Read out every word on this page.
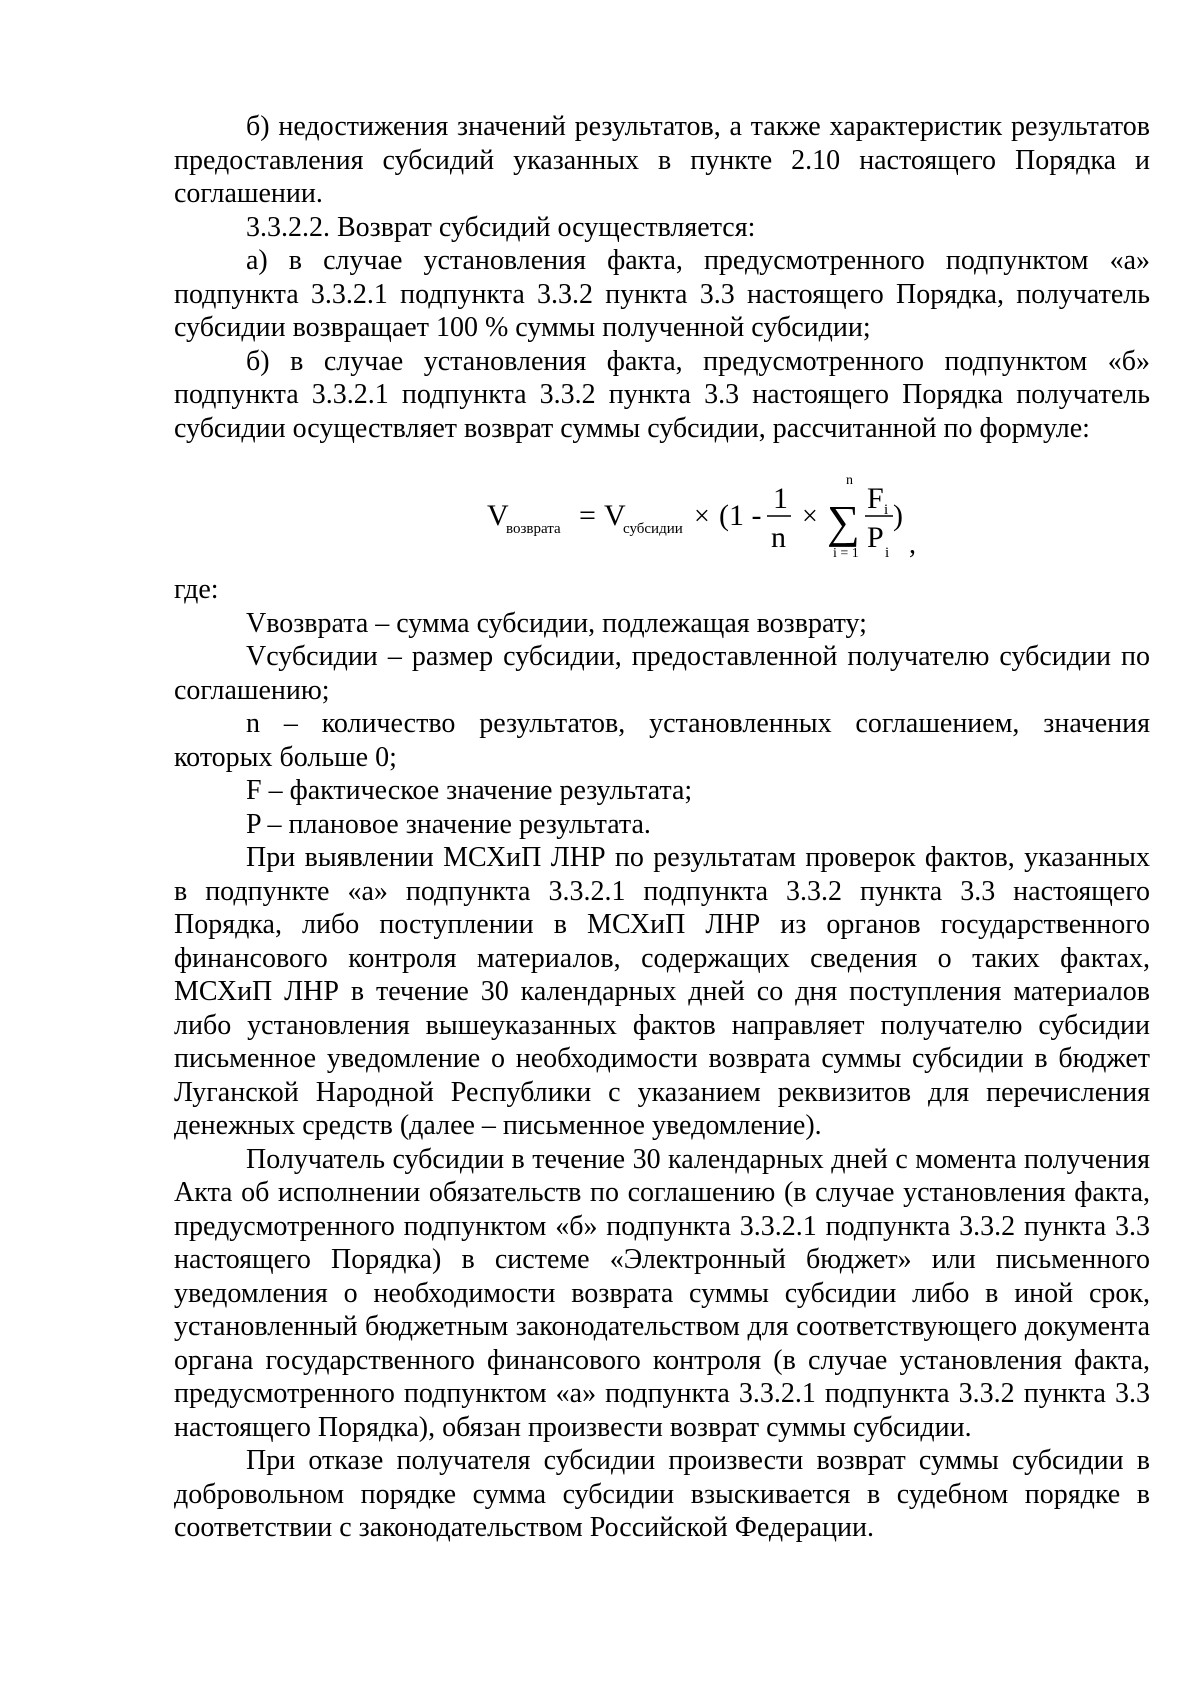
б) недостижения значений результатов, а также характеристик результатов предоставления субсидий указанных в пункте 2.10 настоящего Порядка и соглашении.

3.3.2.2. Возврат субсидий осуществляется:

а) в случае установления факта, предусмотренного подпунктом «а» подпункта 3.3.2.1 подпункта 3.3.2 пункта 3.3 настоящего Порядка, получатель субсидии возвращает 100 % суммы полученной субсидии;

б) в случае установления факта, предусмотренного подпунктом «б» подпункта 3.3.2.1 подпункта 3.3.2 пункта 3.3 настоящего Порядка получатель субсидии осуществляет возврат суммы субсидии, рассчитанной по формуле:

V
возврата = V
субсидии × (1 -
1
n
×
n
∑
i = 1
F i
P i
)
,

где:

Vвозврата – сумма субсидии, подлежащая возврату;

Vсубсидии – размер субсидии, предоставленной получателю субсидии по соглашению;

n – количество результатов, установленных соглашением, значения которых больше 0;

F – фактическое значение результата;

P – плановое значение результата.

При выявлении МСХиП ЛНР по результатам проверок фактов, указанных в подпункте «а» подпункта 3.3.2.1 подпункта 3.3.2 пункта 3.3 настоящего Порядка, либо поступлении в МСХиП ЛНР из органов государственного финансового контроля материалов, содержащих сведения о таких фактах, МСХиП ЛНР в течение 30 календарных дней со дня поступления материалов либо установления вышеуказанных фактов направляет получателю субсидии письменное уведомление о необходимости возврата суммы субсидии в бюджет Луганской Народной Республики с указанием реквизитов для перечисления денежных средств (далее – письменное уведомление).

Получатель субсидии в течение 30 календарных дней с момента получения Акта об исполнении обязательств по соглашению (в случае установления факта, предусмотренного подпунктом «б» подпункта 3.3.2.1 подпункта 3.3.2 пункта 3.3 настоящего Порядка) в системе «Электронный бюджет» или письменного уведомления о необходимости возврата суммы субсидии либо в иной срок, установленный бюджетным законодательством для соответствующего документа органа государственного финансового контроля (в случае установления факта, предусмотренного подпунктом «а» подпункта 3.3.2.1 подпункта 3.3.2 пункта 3.3 настоящего Порядка), обязан произвести возврат суммы субсидии.

При отказе получателя субсидии произвести возврат суммы субсидии в добровольном порядке сумма субсидии взыскивается в судебном порядке в соответствии с законодательством Российской Федерации.
